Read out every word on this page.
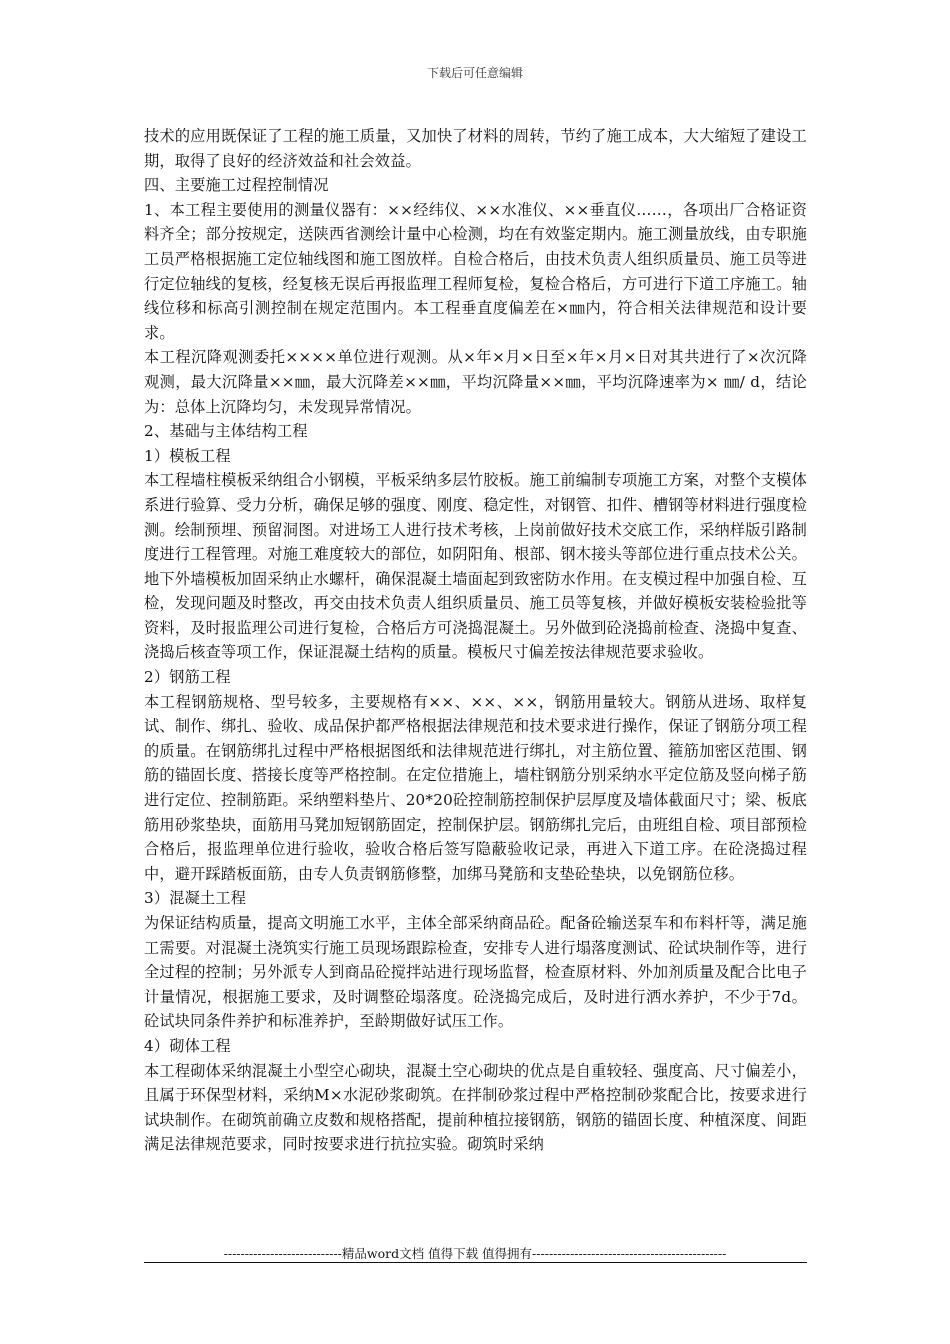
下载后可任意编辑

技术的应用既保证了工程的施工质量，又加快了材料的周转，节约了施工成本，大大缩短了建设工期，取得了良好的经济效益和社会效益。

四、主要施工过程控制情况

1、本工程主要使用的测量仪器有：××经纬仪、××水准仪、××垂直仪……，各项出厂合格证资料齐全；部分按规定，送陕西省测绘计量中心检测，均在有效鉴定期内。施工测量放线，由专职施工员严格根据施工定位轴线图和施工图放样。自检合格后，由技术负责人组织质量员、施工员等进行定位轴线的复核，经复核无误后再报监理工程师复检，复检合格后，方可进行下道工序施工。轴线位移和标高引测控制在规定范围内。本工程垂直度偏差在×㎜内，符合相关法律规范和设计要求。

本工程沉降观测委托××××单位进行观测。从×年×月×日至×年×月×日对其共进行了×次沉降观测，最大沉降量××㎜，最大沉降差××㎜，平均沉降量××㎜，平均沉降速率为× ㎜/ d，结论为：总体上沉降均匀，未发现异常情况。

2、基础与主体结构工程

1）模板工程

本工程墙柱模板采纳组合小钢模，平板采纳多层竹胶板。施工前编制专项施工方案，对整个支模体系进行验算、受力分析，确保足够的强度、刚度、稳定性，对钢管、扣件、槽钢等材料进行强度检测。绘制预埋、预留洞图。对进场工人进行技术考核，上岗前做好技术交底工作，采纳样版引路制度进行工程管理。对施工难度较大的部位，如阴阳角、根部、钢木接头等部位进行重点技术公关。地下外墙模板加固采纳止水螺杆，确保混凝土墙面起到致密防水作用。在支模过程中加强自检、互检，发现问题及时整改，再交由技术负责人组织质量员、施工员等复核，并做好模板安装检验批等资料，及时报监理公司进行复检，合格后方可浇捣混凝土。另外做到砼浇捣前检查、浇捣中复查、浇捣后核查等项工作，保证混凝土结构的质量。模板尺寸偏差按法律规范要求验收。

2）钢筋工程

本工程钢筋规格、型号较多，主要规格有××、××、××，钢筋用量较大。钢筋从进场、取样复试、制作、绑扎、验收、成品保护都严格根据法律规范和技术要求进行操作，保证了钢筋分项工程的质量。在钢筋绑扎过程中严格根据图纸和法律规范进行绑扎，对主筋位置、箍筋加密区范围、钢筋的锚固长度、搭接长度等严格控制。在定位措施上，墙柱钢筋分别采纳水平定位筋及竖向梯子筋进行定位、控制筋距。采纳塑料垫片、20*20砼控制筋控制保护层厚度及墙体截面尺寸；梁、板底筋用砂浆垫块，面筋用马凳加短钢筋固定，控制保护层。钢筋绑扎完后，由班组自检、项目部预检合格后，报监理单位进行验收，验收合格后签写隐蔽验收记录，再进入下道工序。在砼浇捣过程中，避开踩踏板面筋，由专人负责钢筋修整，加绑马凳筋和支垫砼垫块，以免钢筋位移。

3）混凝土工程

为保证结构质量，提高文明施工水平，主体全部采纳商品砼。配备砼输送泵车和布料杆等，满足施工需要。对混凝土浇筑实行施工员现场跟踪检查，安排专人进行塌落度测试、砼试块制作等，进行全过程的控制；另外派专人到商品砼搅拌站进行现场监督，检查原材料、外加剂质量及配合比电子计量情况，根据施工要求，及时调整砼塌落度。砼浇捣完成后，及时进行洒水养护，不少于7d。砼试块同条件养护和标准养护，至龄期做好试压工作。

4）砌体工程

本工程砌体采纳混凝土小型空心砌块，混凝土空心砌块的优点是自重较轻、强度高、尺寸偏差小，且属于环保型材料，采纳M×水泥砂浆砌筑。在拌制砂浆过程中严格控制砂浆配合比，按要求进行试块制作。在砌筑前确立皮数和规格搭配，提前种植拉接钢筋，钢筋的锚固长度、种植深度、间距满足法律规范要求，同时按要求进行抗拉实验。砌筑时采纳

----------------------------精品word文档 值得下载 值得拥有----------------------------------------------
